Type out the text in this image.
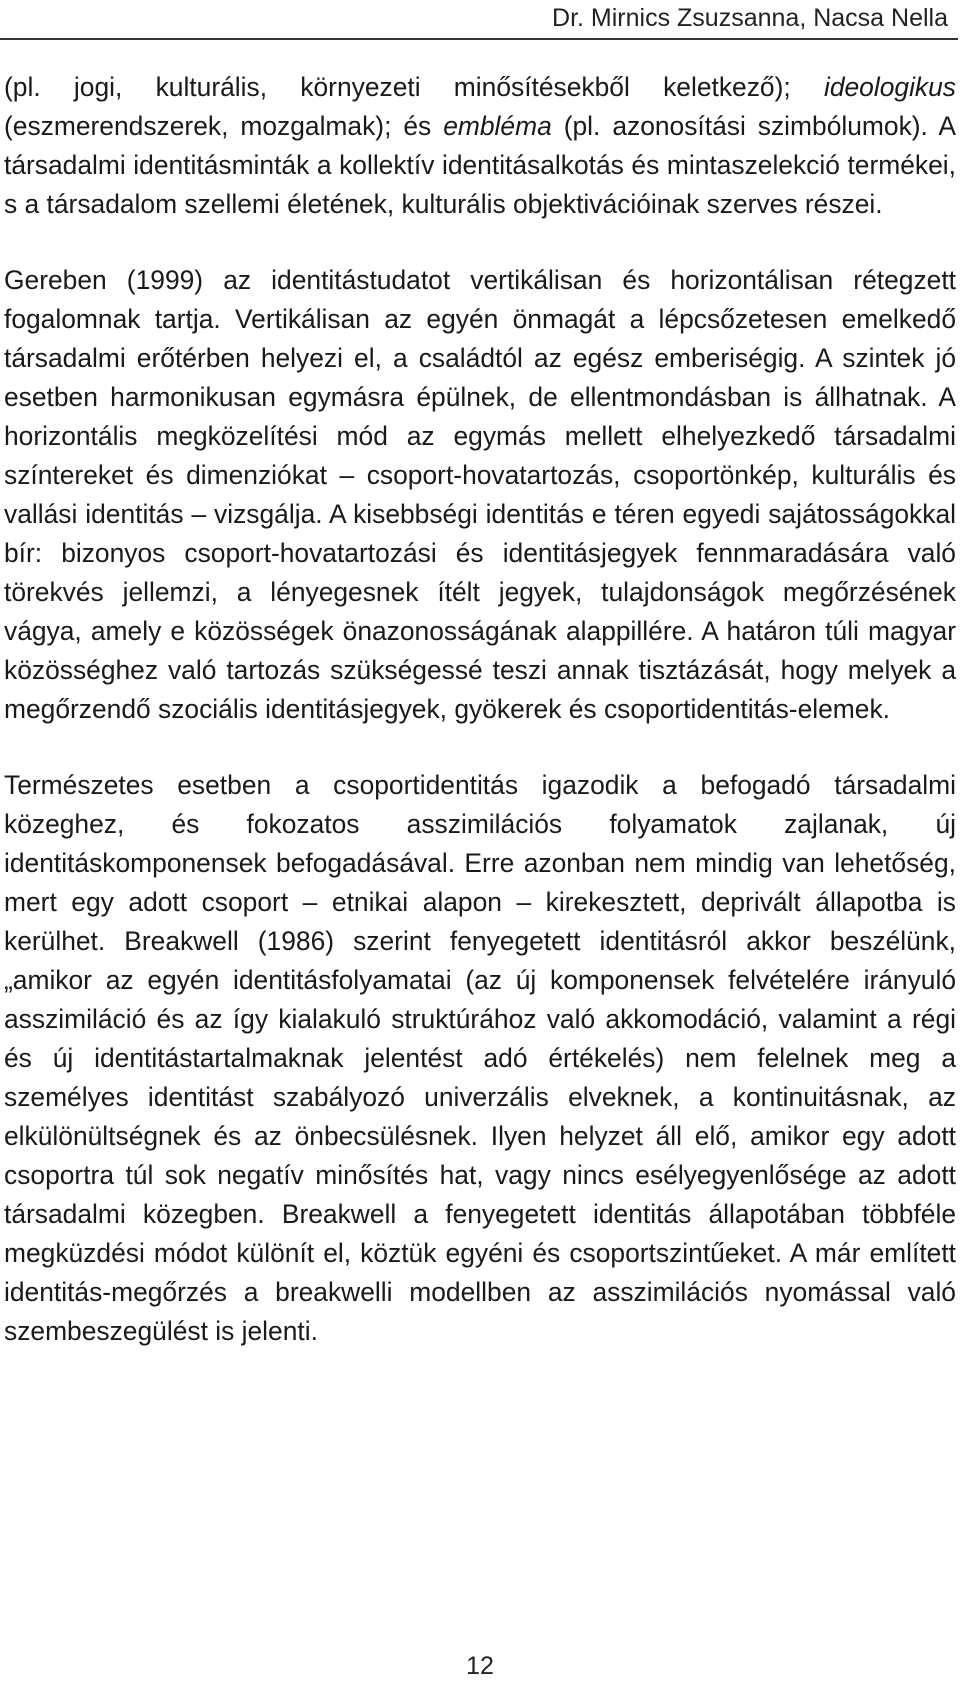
Dr. Mirnics Zsuzsanna, Nacsa Nella

(pl. jogi, kulturális, környezeti minősítésekből keletkező); ideologikus (eszmerendszerek, mozgalmak); és embléma (pl. azonosítási szimbólumok). A társadalmi identitásminták a kollektív identitásalkotás és mintaszelekció termékei, s a társadalom szellemi életének, kulturális objektivációinak szerves részei.

Gereben (1999) az identitástudatot vertikálisan és horizontálisan rétegzett fogalomnak tartja. Vertikálisan az egyén önmagát a lépcsőzetesen emelkedő társadalmi erőtérben helyezi el, a családtól az egész emberiségig. A szintek jó esetben harmonikusan egymásra épülnek, de ellentmondásban is állhatnak. A horizontális megközelítési mód az egymás mellett elhelyezkedő társadalmi színtereket és dimenziókat – csoport-hovatartozás, csoportönkép, kulturális és vallási identitás – vizsgálja. A kisebbségi identitás e téren egyedi sajátosságokkal bír: bizonyos csoport-hovatartozási és identitásjegyek fennmaradására való törekvés jellemzi, a lényegesnek ítélt jegyek, tulajdonságok megőrzésének vágya, amely e közösségek önazonosságának alappillére. A határon túli magyar közösséghez való tartozás szükségessé teszi annak tisztázását, hogy melyek a megőrzendő szociális identitásjegyek, gyökerek és csoportidentitás-elemek.

Természetes esetben a csoportidentitás igazodik a befogadó társadalmi közeghez, és fokozatos asszimilációs folyamatok zajlanak, új identitáskomponensek befogadásával. Erre azonban nem mindig van lehetőség, mert egy adott csoport – etnikai alapon – kirekesztett, deprivált állapotba is kerülhet. Breakwell (1986) szerint fenyegetett identitásról akkor beszélünk, „amikor az egyén identitásfolyamatai (az új komponensek felvételére irányuló asszimiláció és az így kialakuló struktúrához való akkomodáció, valamint a régi és új identitástartalmaknak jelentést adó értékelés) nem felelnek meg a személyes identitást szabályozó univerzális elveknek, a kontinuitásnak, az elkülönültségnek és az önbecsülésnek. Ilyen helyzet áll elő, amikor egy adott csoportra túl sok negatív minősítés hat, vagy nincs esélyegyenlősége az adott társadalmi közegben. Breakwell a fenyegetett identitás állapotában többféle megküzdési módot különít el, köztük egyéni és csoportszintűeket. A már említett identitás-megőrzés a breakwelli modellben az asszimilációs nyomással való szembeszegülést is jelenti.

12
